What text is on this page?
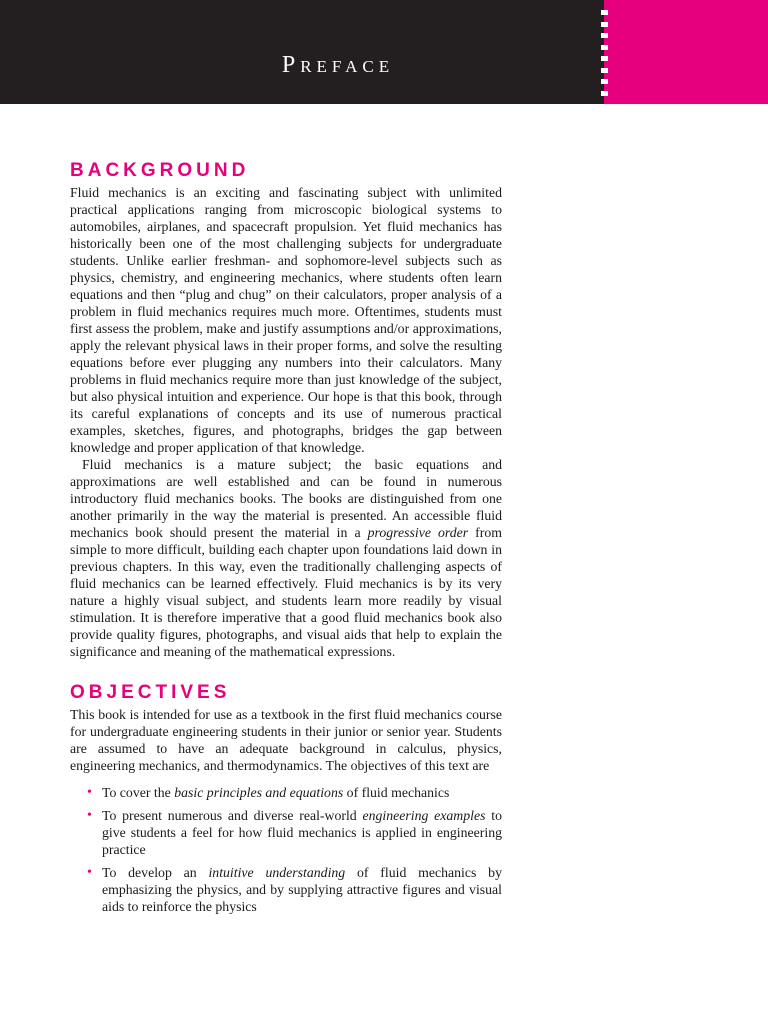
Preface
BACKGROUND

Fluid mechanics is an exciting and fascinating subject with unlimited practical applications ranging from microscopic biological systems to automobiles, airplanes, and spacecraft propulsion. Yet fluid mechanics has historically been one of the most challenging subjects for undergraduate students. Unlike earlier freshman- and sophomore-level subjects such as physics, chemistry, and engineering mechanics, where students often learn equations and then “plug and chug” on their calculators, proper analysis of a problem in fluid mechanics requires much more. Oftentimes, students must first assess the problem, make and justify assumptions and/or approximations, apply the relevant physical laws in their proper forms, and solve the resulting equations before ever plugging any numbers into their calculators. Many problems in fluid mechanics require more than just knowledge of the subject, but also physical intuition and experience. Our hope is that this book, through its careful explanations of concepts and its use of numerous practical examples, sketches, figures, and photographs, bridges the gap between knowledge and proper application of that knowledge.

Fluid mechanics is a mature subject; the basic equations and approximations are well established and can be found in numerous introductory fluid mechanics books. The books are distinguished from one another primarily in the way the material is presented. An accessible fluid mechanics book should present the material in a progressive order from simple to more difficult, building each chapter upon foundations laid down in previous chapters. In this way, even the traditionally challenging aspects of fluid mechanics can be learned effectively. Fluid mechanics is by its very nature a highly visual subject, and students learn more readily by visual stimulation. It is therefore imperative that a good fluid mechanics book also provide quality figures, photographs, and visual aids that help to explain the significance and meaning of the mathematical expressions.

OBJECTIVES

This book is intended for use as a textbook in the first fluid mechanics course for undergraduate engineering students in their junior or senior year. Students are assumed to have an adequate background in calculus, physics, engineering mechanics, and thermodynamics. The objectives of this text are

• To cover the basic principles and equations of fluid mechanics
• To present numerous and diverse real-world engineering examples to give students a feel for how fluid mechanics is applied in engineering practice
• To develop an intuitive understanding of fluid mechanics by emphasizing the physics, and by supplying attractive figures and visual aids to reinforce the physics
